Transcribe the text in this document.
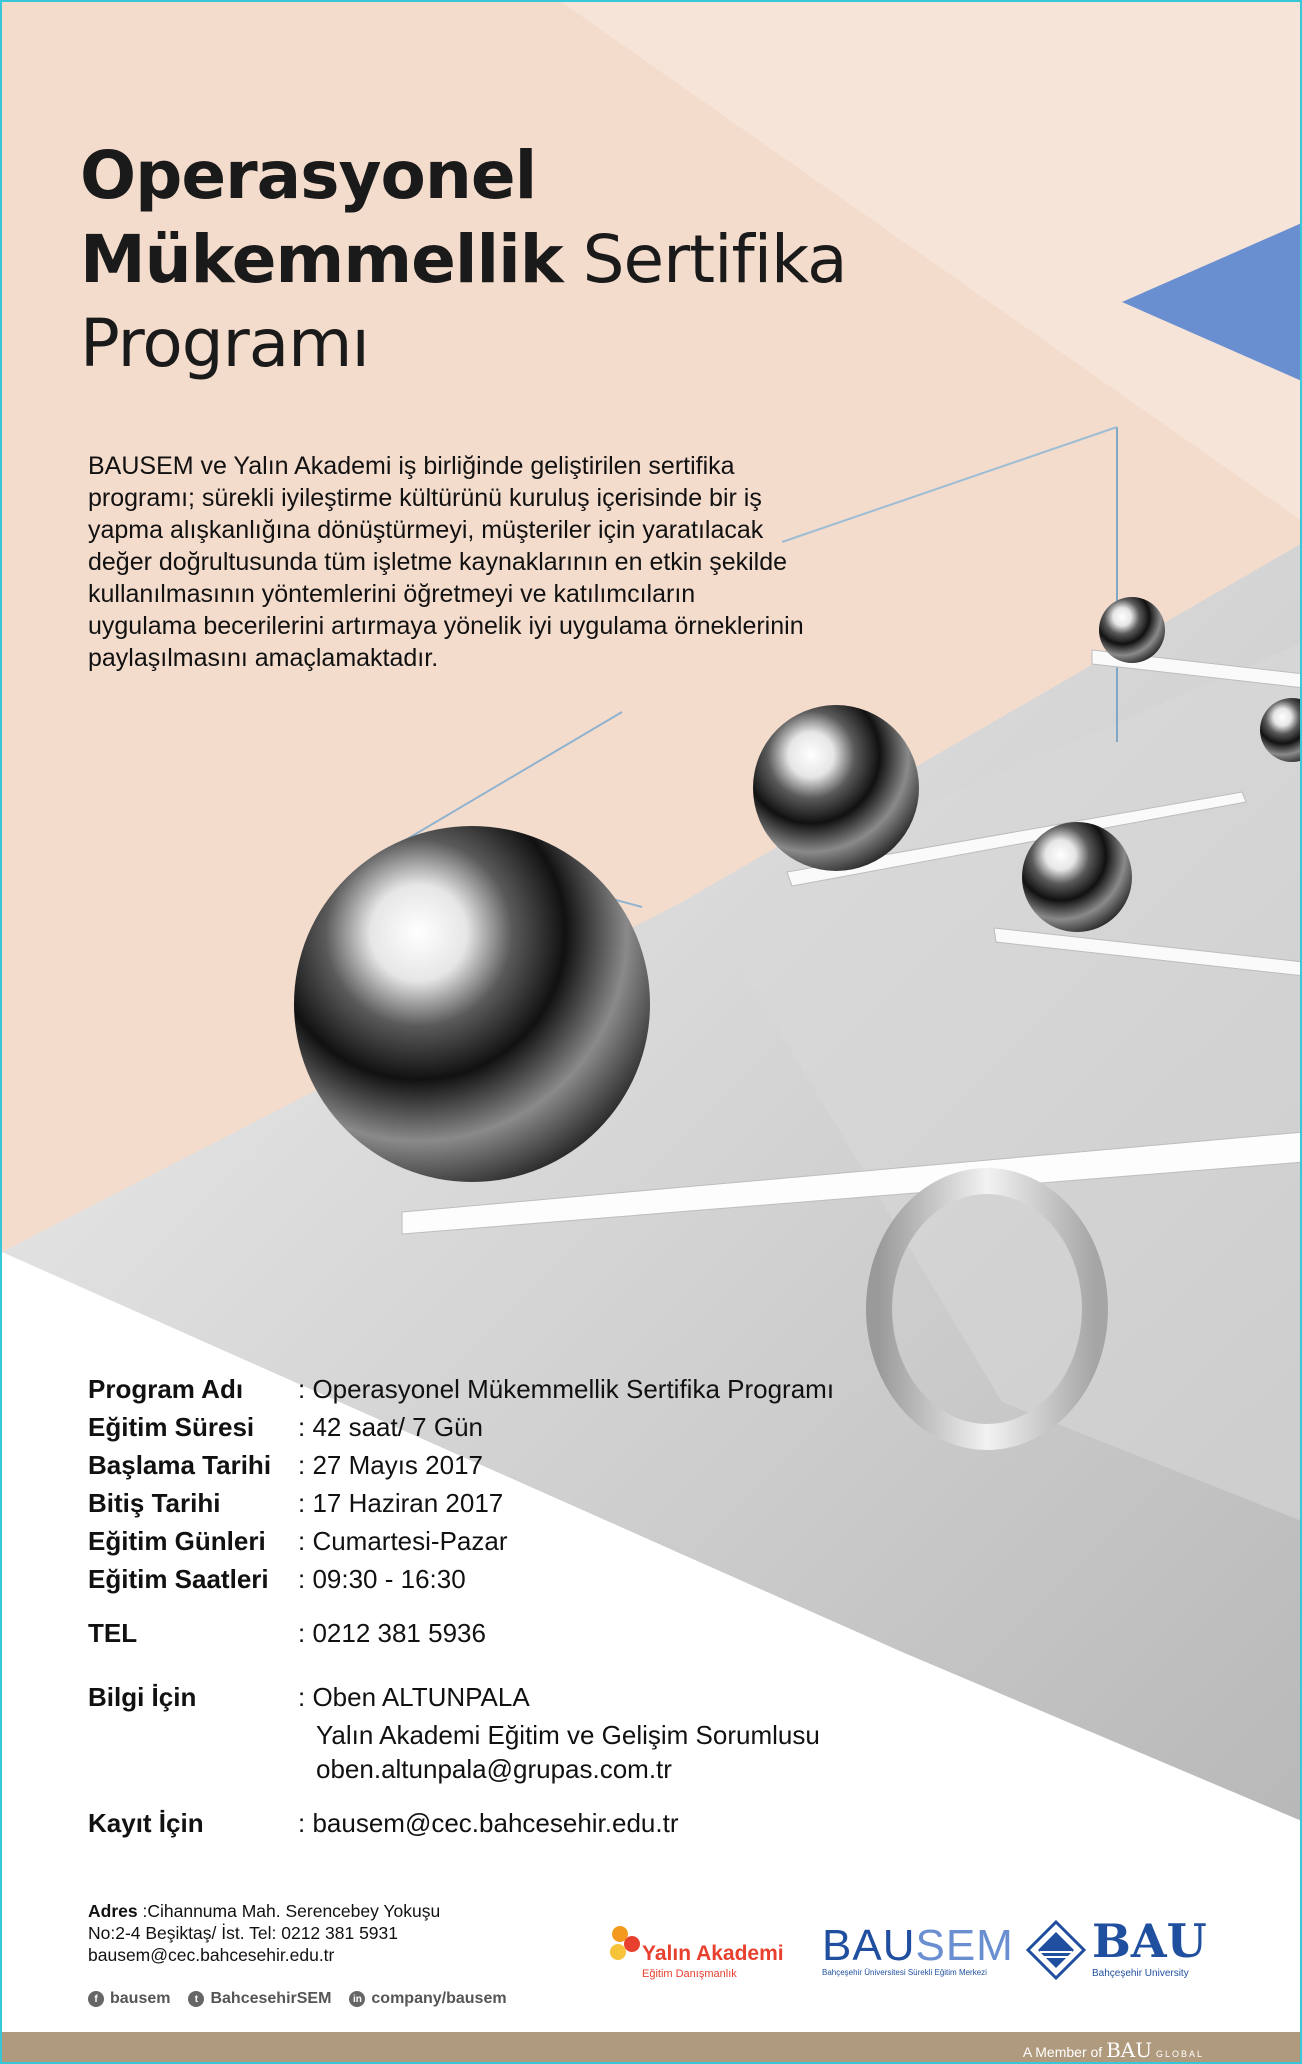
Operasyonel
Mükemmellik Sertifika
Programı
BAUSEM ve Yalın Akademi iş birliğinde geliştirilen sertifika programı; sürekli iyileştirme kültürünü kuruluş içerisinde bir iş yapma alışkanlığına dönüştürmeyi, müşteriler için yaratılacak değer doğrultusunda tüm işletme kaynaklarının en etkin şekilde kullanılmasının yöntemlerini öğretmeyi ve katılımcıların uygulama becerilerini artırmaya yönelik iyi uygulama örneklerinin paylaşılmasını amaçlamaktadır.
Program Adı : Operasyonel Mükemmellik Sertifika Programı
Eğitim Süresi : 42 saat/ 7 Gün
Başlama Tarihi : 27 Mayıs 2017
Bitiş Tarihi	: 17 Haziran 2017
Eğitim Günleri : Cumartesi-Pazar
Eğitim Saatleri : 09:30 - 16:30
TEL	: 0212 381 5936
Bilgi İçin	: Oben ALTUNPALA
Yalın Akademi Eğitim ve Gelişim Sorumlusu
oben.altunpala@grupas.com.tr
Kayıt İçin	: bausem@cec.bahcesehir.edu.tr
Adres :Cihannuma Mah. Serencebey Yokuşu
No:2-4 Beşiktaş/ İst. Tel: 0212 381 5931
bausem@cec.bahcesehir.edu.tr
f bausem	t BahcesehirSEM	in company/bausem
Yalın Akademi
Eğitim Danışmanlık
BAUSEM
Bahçeşehir Üniversitesi Sürekli Eğitim Merkezi
BAU
Bahçeşehir University
A Member of BAU GLOBAL
